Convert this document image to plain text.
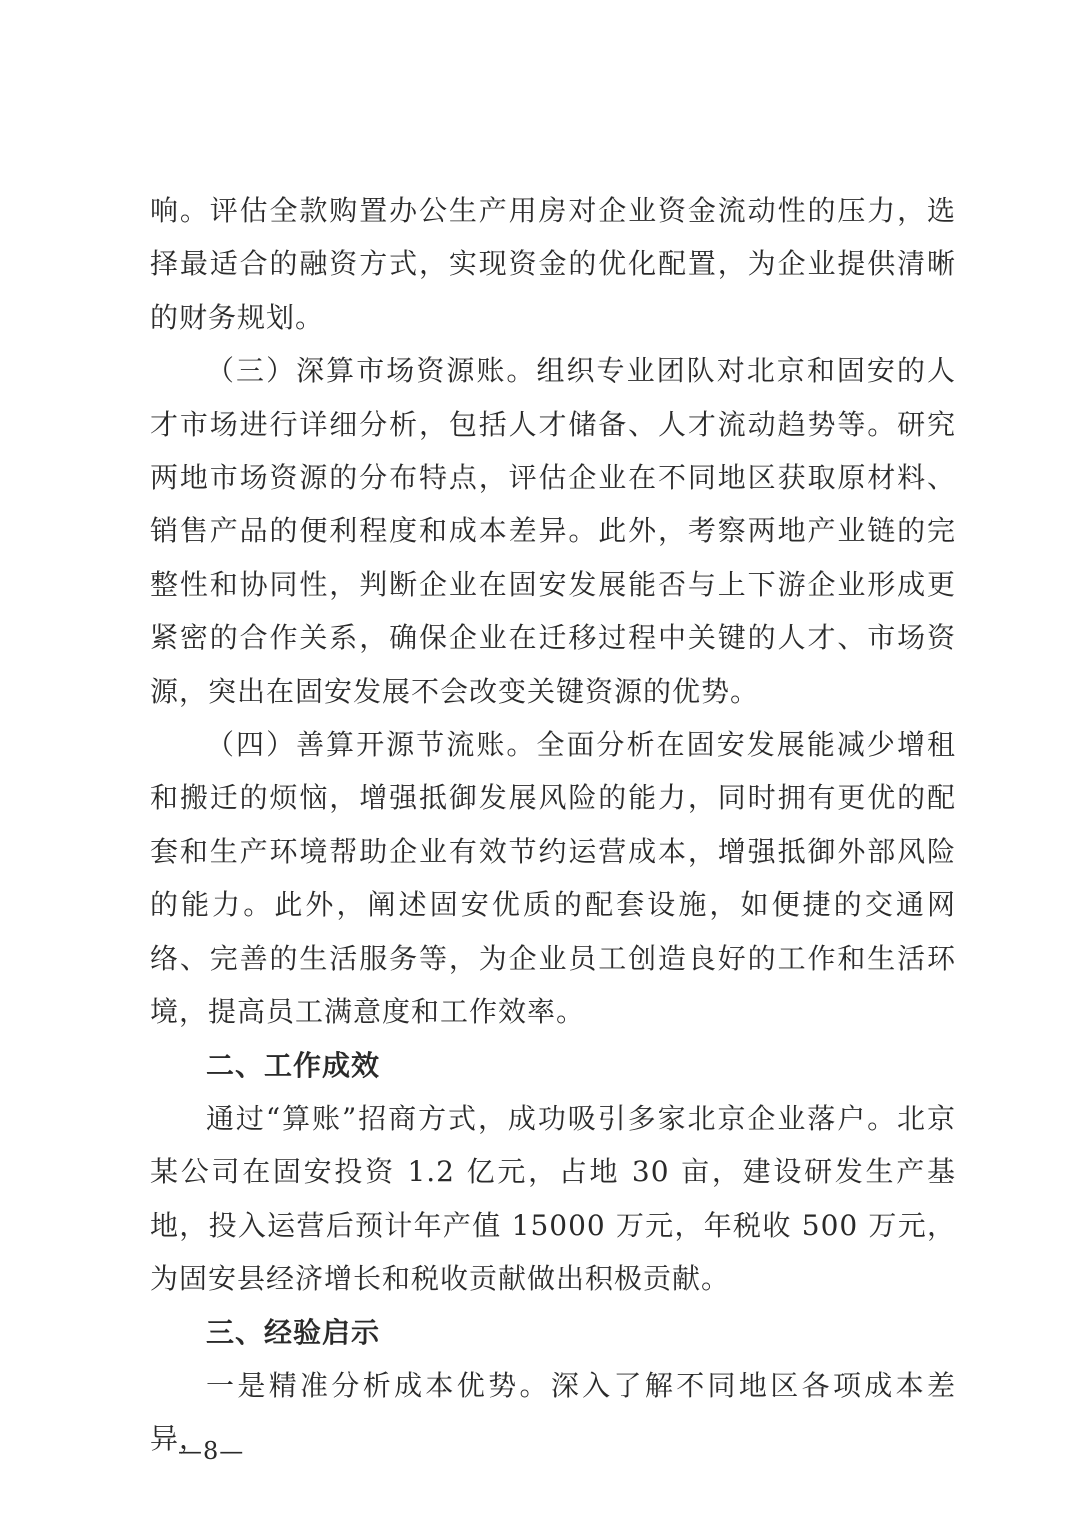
响。评估全款购置办公生产用房对企业资金流动性的压力，选择最适合的融资方式，实现资金的优化配置，为企业提供清晰的财务规划。

（三）深算市场资源账。组织专业团队对北京和固安的人才市场进行详细分析，包括人才储备、人才流动趋势等。研究两地市场资源的分布特点，评估企业在不同地区获取原材料、销售产品的便利程度和成本差异。此外，考察两地产业链的完整性和协同性，判断企业在固安发展能否与上下游企业形成更紧密的合作关系，确保企业在迁移过程中关键的人才、市场资源，突出在固安发展不会改变关键资源的优势。

（四）善算开源节流账。全面分析在固安发展能减少增租和搬迁的烦恼，增强抵御发展风险的能力，同时拥有更优的配套和生产环境帮助企业有效节约运营成本，增强抵御外部风险的能力。此外，阐述固安优质的配套设施，如便捷的交通网络、完善的生活服务等，为企业员工创造良好的工作和生活环境，提高员工满意度和工作效率。

二、工作成效

通过“算账”招商方式，成功吸引多家北京企业落户。北京某公司在固安投资 1.2 亿元，占地 30 亩，建设研发生产基地，投入运营后预计年产值 15000 万元，年税收 500 万元，为固安县经济增长和税收贡献做出积极贡献。

三、经验启示

一是精准分析成本优势。深入了解不同地区各项成本差异，

—8—
